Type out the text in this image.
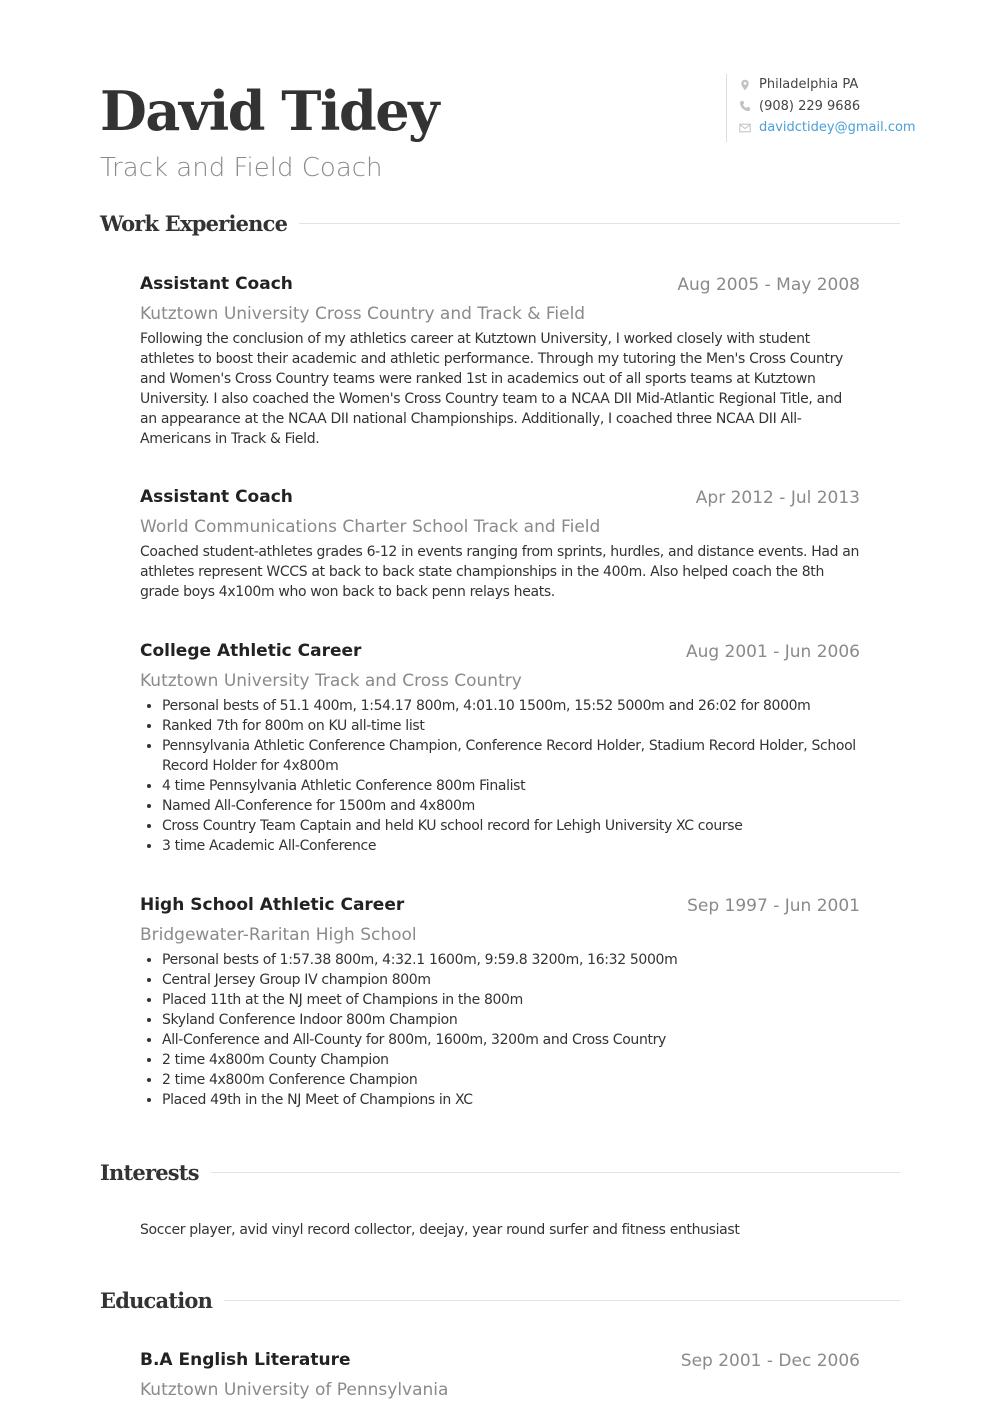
David Tidey
Track and Field Coach
Philadelphia PA
(908) 229 9686
davidctidey@gmail.com
Work Experience
Assistant Coach	Aug 2005 - May 2008
Kutztown University Cross Country and Track & Field

Following the conclusion of my athletics career at Kutztown University, I worked closely with student athletes to boost their academic and athletic performance. Through my tutoring the Men's Cross Country and Women's Cross Country teams were ranked 1st in academics out of all sports teams at Kutztown University. I also coached the Women's Cross Country team to a NCAA DII Mid-Atlantic Regional Title, and an appearance at the NCAA DII national Championships. Additionally, I coached three NCAA DII All-Americans in Track & Field.

Assistant Coach	Apr 2012 - Jul 2013
World Communications Charter School Track and Field

Coached student-athletes grades 6-12 in events ranging from sprints, hurdles, and distance events. Had an athletes represent WCCS at back to back state championships in the 400m. Also helped coach the 8th grade boys 4x100m who won back to back penn relays heats.

College Athletic Career	Aug 2001 - Jun 2006
Kutztown University Track and Cross Country
• Personal bests of 51.1 400m, 1:54.17 800m, 4:01.10 1500m, 15:52 5000m and 26:02 for 8000m
• Ranked 7th for 800m on KU all-time list
• Pennsylvania Athletic Conference Champion, Conference Record Holder, Stadium Record Holder, School Record Holder for 4x800m
• 4 time Pennsylvania Athletic Conference 800m Finalist
• Named All-Conference for 1500m and 4x800m
• Cross Country Team Captain and held KU school record for Lehigh University XC course
• 3 time Academic All-Conference
High School Athletic Career	Sep 1997 - Jun 2001
Bridgewater-Raritan High School
• Personal bests of 1:57.38 800m, 4:32.1 1600m, 9:59.8 3200m, 16:32 5000m
• Central Jersey Group IV champion 800m
• Placed 11th at the NJ meet of Champions in the 800m
• Skyland Conference Indoor 800m Champion
• All-Conference and All-County for 800m, 1600m, 3200m and Cross Country
• 2 time 4x800m County Champion
• 2 time 4x800m Conference Champion
• Placed 49th in the NJ Meet of Champions in XC
Interests
Soccer player, avid vinyl record collector, deejay, year round surfer and fitness enthusiast
Education
B.A English Literature	Sep 2001 - Dec 2006
Kutztown University of Pennsylvania
